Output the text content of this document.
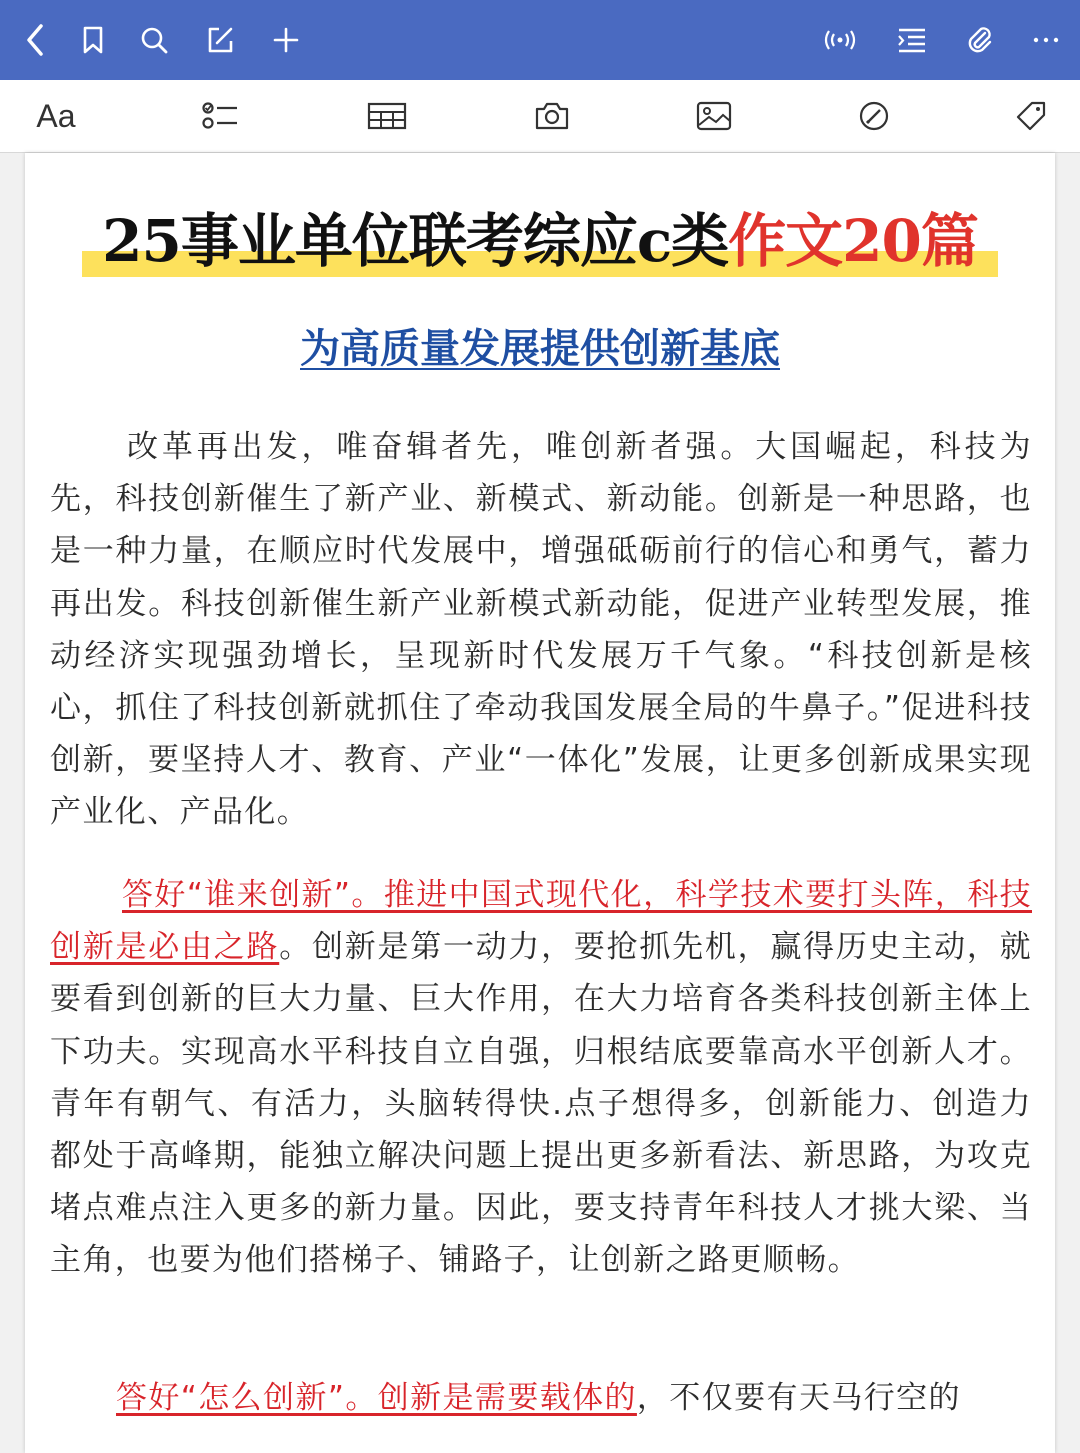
Aa
25事业单位联考综应c类作文20篇
为高质量发展提供创新基底
改革再出发，唯奋辑者先，唯创新者强。大国崛起，科技为先，科技创新催生了新产业、新模式、新动能。创新是一种思路，也是一种力量，在顺应时代发展中，增强砥砺前行的信心和勇气，蓄力再出发。科技创新催生新产业新模式新动能，促进产业转型发展，推动经济实现强劲增长，呈现新时代发展万千气象。“科技创新是核心，抓住了科技创新就抓住了牵动我国发展全局的牛鼻子。”促进科技创新，要坚持人才、教育、产业“一体化”发展，让更多创新成果实现产业化、产品化。
答好“谁来创新”。推进中国式现代化，科学技术要打头阵，科技创新是必由之路。创新是第一动力，要抢抓先机，赢得历史主动，就要看到创新的巨大力量、巨大作用，在大力培育各类科技创新主体上下功夫。实现高水平科技自立自强，归根结底要靠高水平创新人才。青年有朝气、有活力，头脑转得快.点子想得多，创新能力、创造力都处于高峰期，能独立解决问题上提出更多新看法、新思路，为攻克堵点难点注入更多的新力量。因此，要支持青年科技人才挑大梁、当主角，也要为他们搭梯子、铺路子，让创新之路更顺畅。
答好“怎么创新”。创新是需要载体的，不仅要有天马行空的
